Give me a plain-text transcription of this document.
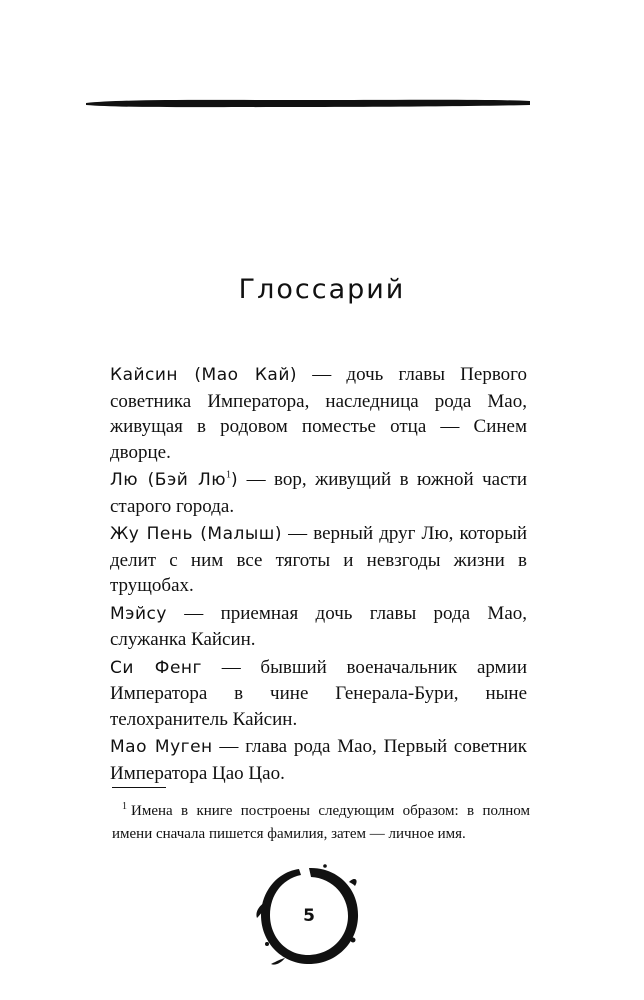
Глоссарий

Кайсин (Мао Кай) — дочь главы Первого советника Императора, наследница рода Мао, живущая в родовом поместье отца — Синем дворце.

Лю (Бэй Лю$^1$) — вор, живущий в южной части старого города.

Жу Пень (Малыш) — верный друг Лю, который делит с ним все тяготы и невзгоды жизни в трущобах.

Мэйсу — приемная дочь главы рода Мао, служанка Кайсин.

Си Фенг — бывший военачальник армии Императора в чине Генерала-Бури, ныне телохранитель Кайсин.

Мао Муген — глава рода Мао, Первый советник Императора Цао Цао.

$^1$ Имена в книге построены следующим образом: в полном имени сначала пишется фамилия, затем — личное имя.

5
